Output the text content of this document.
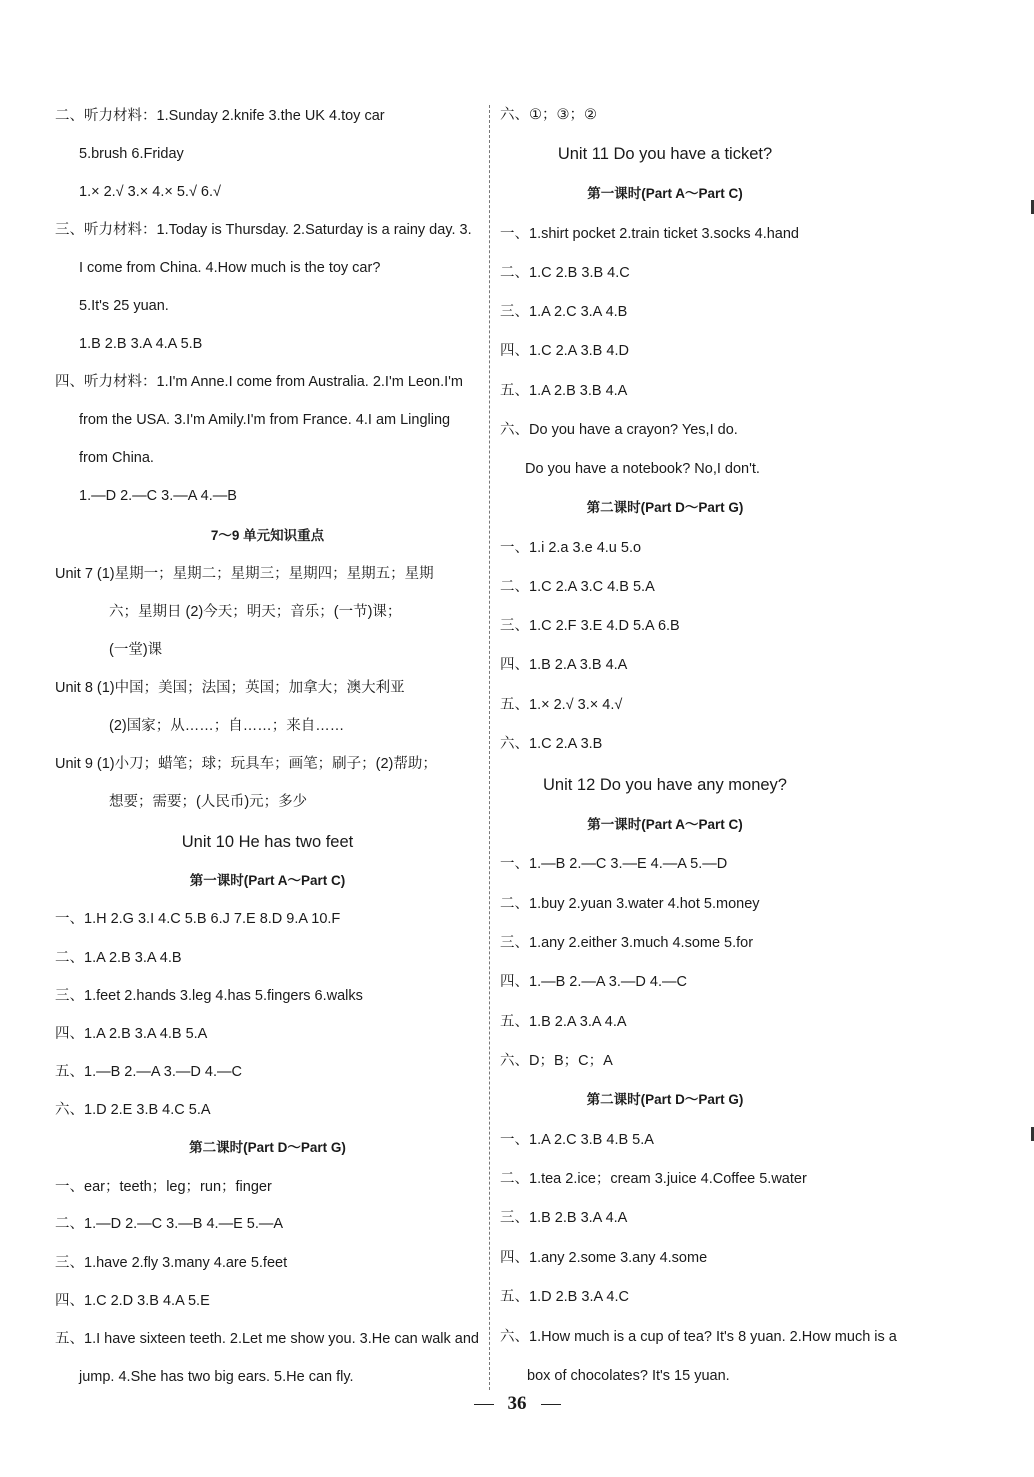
二、听力材料：1.Sunday 2.knife 3.the UK 4.toy car
5.brush 6.Friday
1.× 2.√ 3.× 4.× 5.√ 6.√
三、听力材料：1.Today is Thursday. 2.Saturday is a rainy day. 3.
I come from China. 4.How much is the toy car?
5.It's 25 yuan.
1.B 2.B 3.A 4.A 5.B
四、听力材料：1.I'm Anne.I come from Australia. 2.I'm Leon.I'm
from the USA. 3.I'm Amily.I'm from France. 4.I am Lingling
from China.
1.—D 2.—C 3.—A 4.—B
7～9 单元知识重点
Unit 7 (1)星期一；星期二；星期三；星期四；星期五；星期
六；星期日 (2)今天；明天；音乐；(一节)课；
(一堂)课
Unit 8 (1)中国；美国；法国；英国；加拿大；澳大利亚
(2)国家；从……；自……；来自……
Unit 9 (1)小刀；蜡笔；球；玩具车；画笔；刷子；(2)帮助；
想要；需要；(人民币)元；多少
Unit 10 He has two feet
第一课时(Part A～Part C)
一、1.H 2.G 3.I 4.C 5.B 6.J 7.E 8.D 9.A 10.F
二、1.A 2.B 3.A 4.B
三、1.feet 2.hands 3.leg 4.has 5.fingers 6.walks
四、1.A 2.B 3.A 4.B 5.A
五、1.—B 2.—A 3.—D 4.—C
六、1.D 2.E 3.B 4.C 5.A
第二课时(Part D～Part G)
一、ear；teeth；leg；run；finger
二、1.—D 2.—C 3.—B 4.—E 5.—A
三、1.have 2.fly 3.many 4.are 5.feet
四、1.C 2.D 3.B 4.A 5.E
五、1.I have sixteen teeth. 2.Let me show you. 3.He can walk and
jump. 4.She has two big ears. 5.He can fly.
六、①；③；②
Unit 11 Do you have a ticket?
第一课时(Part A～Part C)
一、1.shirt pocket 2.train ticket 3.socks 4.hand
二、1.C 2.B 3.B 4.C
三、1.A 2.C 3.A 4.B
四、1.C 2.A 3.B 4.D
五、1.A 2.B 3.B 4.A
六、Do you have a crayon? Yes,I do.
Do you have a notebook? No,I don't.
第二课时(Part D～Part G)
一、1.i 2.a 3.e 4.u 5.o
二、1.C 2.A 3.C 4.B 5.A
三、1.C 2.F 3.E 4.D 5.A 6.B
四、1.B 2.A 3.B 4.A
五、1.× 2.√ 3.× 4.√
六、1.C 2.A 3.B
Unit 12 Do you have any money?
第一课时(Part A～Part C)
一、1.—B 2.—C 3.—E 4.—A 5.—D
二、1.buy 2.yuan 3.water 4.hot 5.money
三、1.any 2.either 3.much 4.some 5.for
四、1.—B 2.—A 3.—D 4.—C
五、1.B 2.A 3.A 4.A
六、D；B；C；A
第二课时(Part D～Part G)
一、1.A 2.C 3.B 4.B 5.A
二、1.tea 2.ice；cream 3.juice 4.Coffee 5.water
三、1.B 2.B 3.A 4.A
四、1.any 2.some 3.any 4.some
五、1.D 2.B 3.A 4.C
六、1.How much is a cup of tea? It's 8 yuan. 2.How much is a
box of chocolates? It's 15 yuan.
36
